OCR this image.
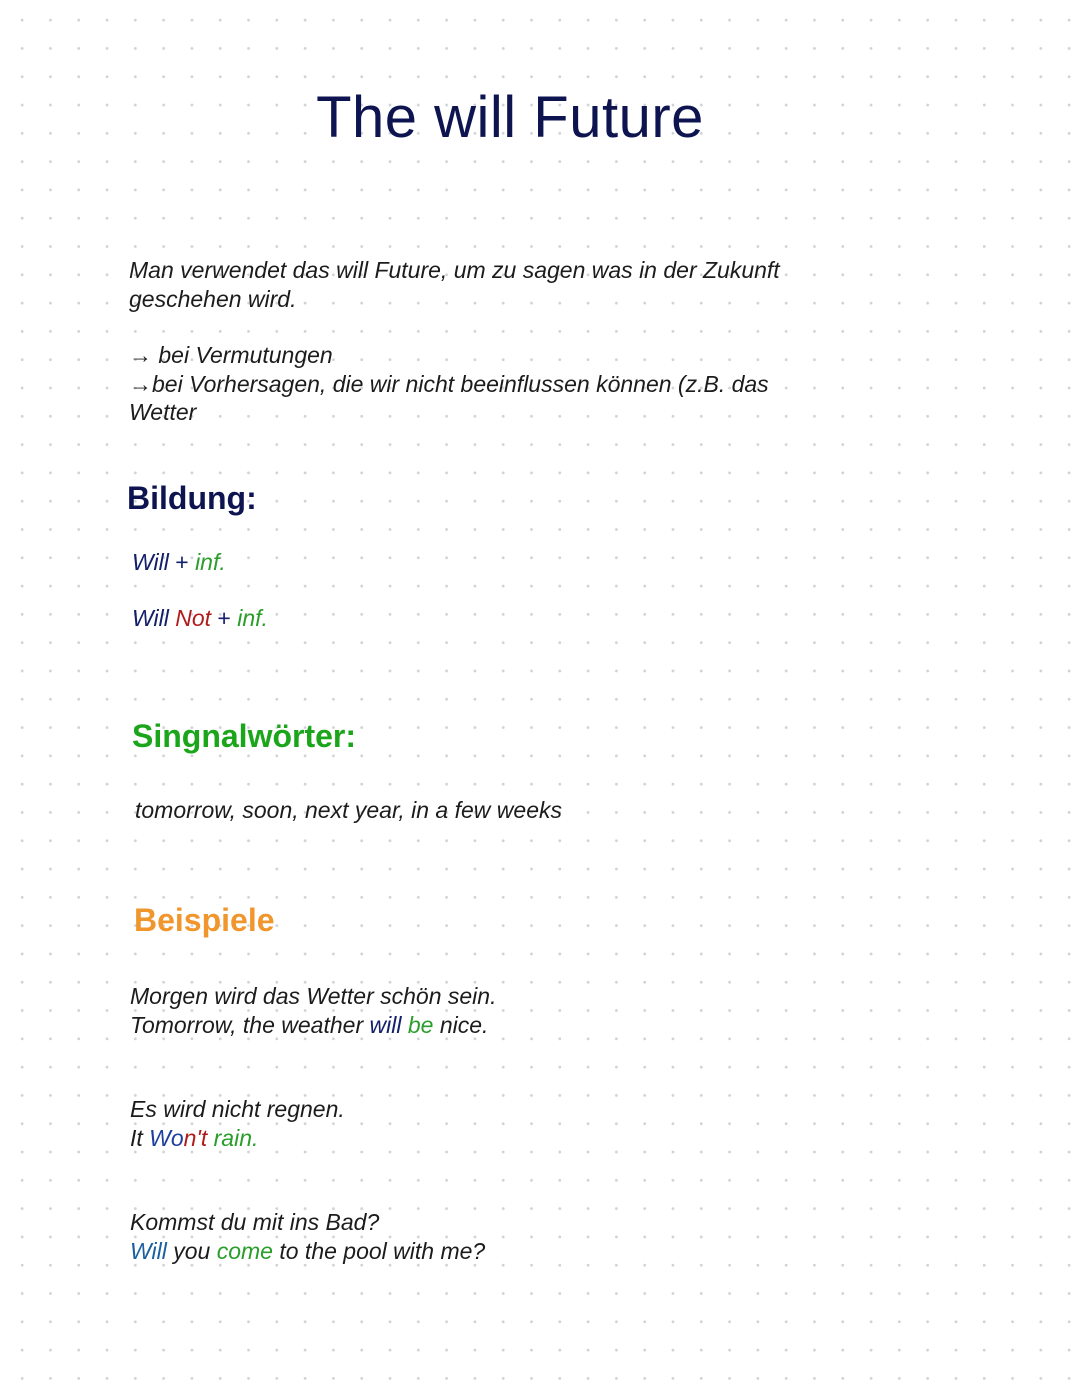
The will Future
Man verwendet das will Future, um zu sagen was in der Zukunft
geschehen wird.
→ bei Vermutungen
→bei Vorhersagen, die wir nicht beeinflussen können (z.B. das
Wetter
Bildung:
Will + inf.
Will Not + inf.
Singnalwörter:
tomorrow, soon, next year, in a few weeks
Beispiele
Morgen wird das Wetter schön sein.
Tomorrow, the weather will be nice.
Es wird nicht regnen.
It Won't rain.
Kommst du mit ins Bad?
Will you come to the pool with me?
